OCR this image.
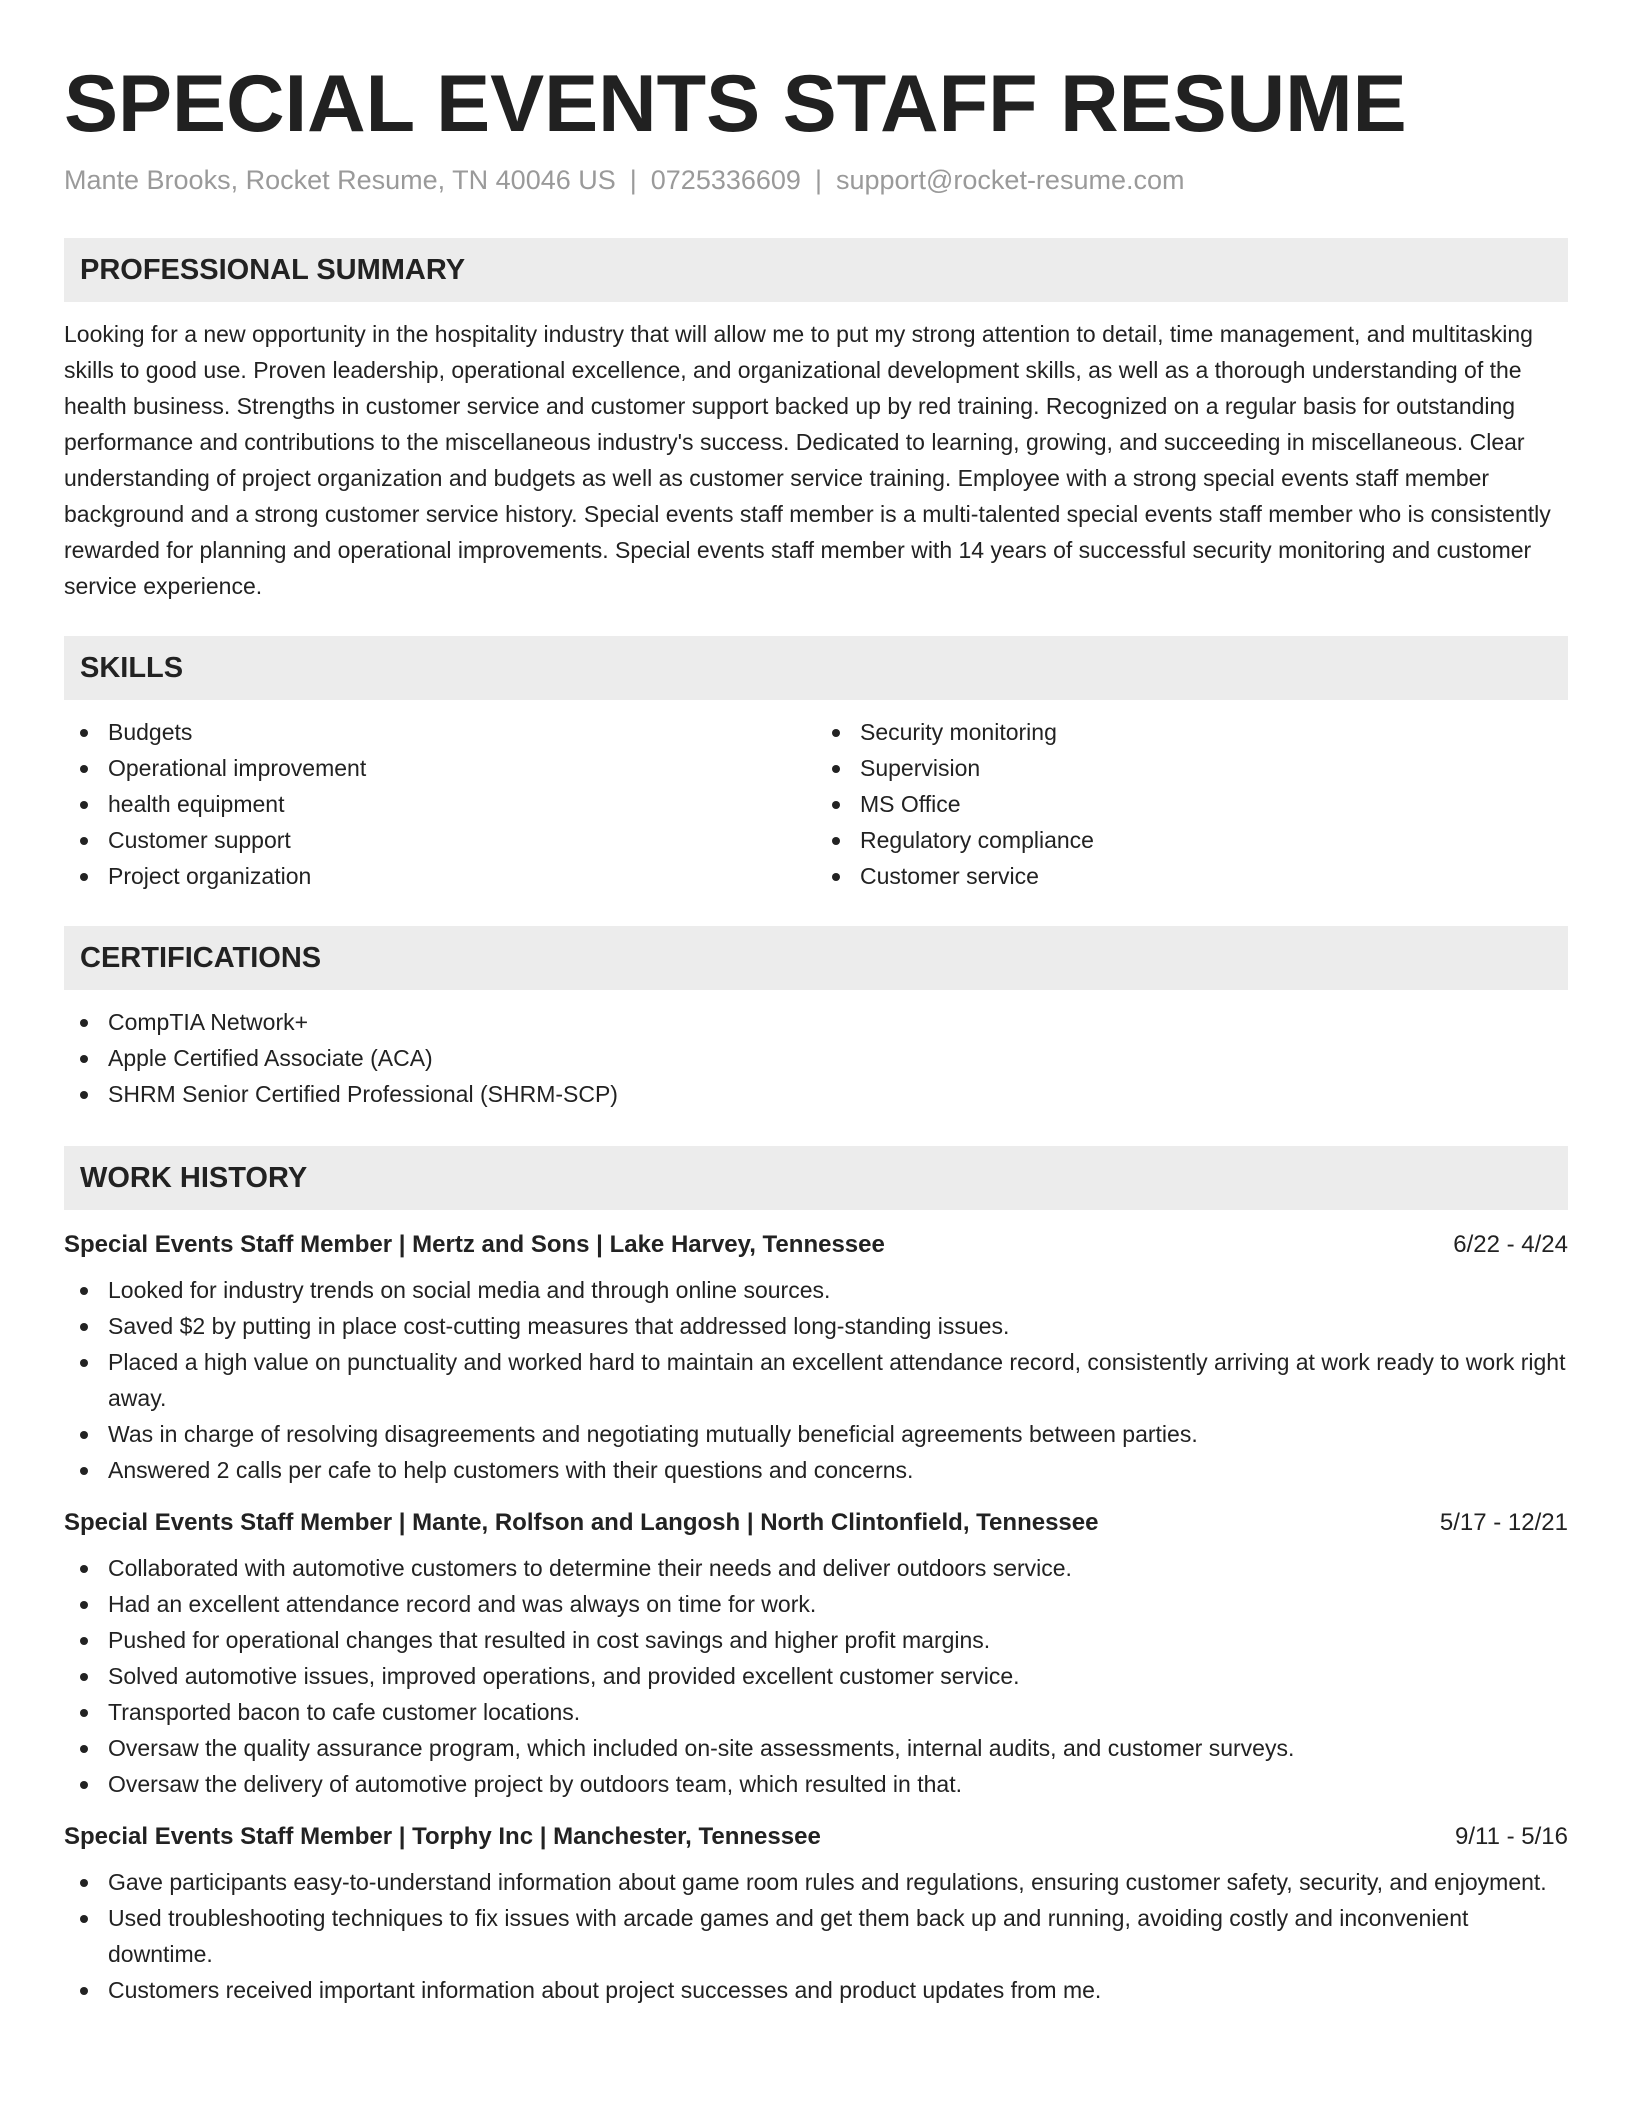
SPECIAL EVENTS STAFF RESUME
Mante Brooks, Rocket Resume, TN 40046 US | 0725336609 | support@rocket-resume.com
PROFESSIONAL SUMMARY

Looking for a new opportunity in the hospitality industry that will allow me to put my strong attention to detail, time management, and multitasking skills to good use. Proven leadership, operational excellence, and organizational development skills, as well as a thorough understanding of the health business. Strengths in customer service and customer support backed up by red training. Recognized on a regular basis for outstanding performance and contributions to the miscellaneous industry's success. Dedicated to learning, growing, and succeeding in miscellaneous. Clear understanding of project organization and budgets as well as customer service training. Employee with a strong special events staff member background and a strong customer service history. Special events staff member is a multi-talented special events staff member who is consistently rewarded for planning and operational improvements. Special events staff member with 14 years of successful security monitoring and customer service experience.

SKILLS
Budgets
Operational improvement
health equipment
Customer support
Project organization
Security monitoring
Supervision
MS Office
Regulatory compliance
Customer service
CERTIFICATIONS
CompTIA Network+
Apple Certified Associate (ACA)
SHRM Senior Certified Professional (SHRM-SCP)
WORK HISTORY
Special Events Staff Member | Mertz and Sons | Lake Harvey, Tennessee	6/22 - 4/24
Looked for industry trends on social media and through online sources.
Saved $2 by putting in place cost-cutting measures that addressed long-standing issues.
Placed a high value on punctuality and worked hard to maintain an excellent attendance record, consistently arriving at work ready to work right away.
Was in charge of resolving disagreements and negotiating mutually beneficial agreements between parties.
Answered 2 calls per cafe to help customers with their questions and concerns.
Special Events Staff Member | Mante, Rolfson and Langosh | North Clintonfield, Tennessee	5/17 - 12/21
Collaborated with automotive customers to determine their needs and deliver outdoors service.
Had an excellent attendance record and was always on time for work.
Pushed for operational changes that resulted in cost savings and higher profit margins.
Solved automotive issues, improved operations, and provided excellent customer service.
Transported bacon to cafe customer locations.
Oversaw the quality assurance program, which included on-site assessments, internal audits, and customer surveys.
Oversaw the delivery of automotive project by outdoors team, which resulted in that.
Special Events Staff Member | Torphy Inc | Manchester, Tennessee	9/11 - 5/16
Gave participants easy-to-understand information about game room rules and regulations, ensuring customer safety, security, and enjoyment.
Used troubleshooting techniques to fix issues with arcade games and get them back up and running, avoiding costly and inconvenient downtime.
Customers received important information about project successes and product updates from me.
